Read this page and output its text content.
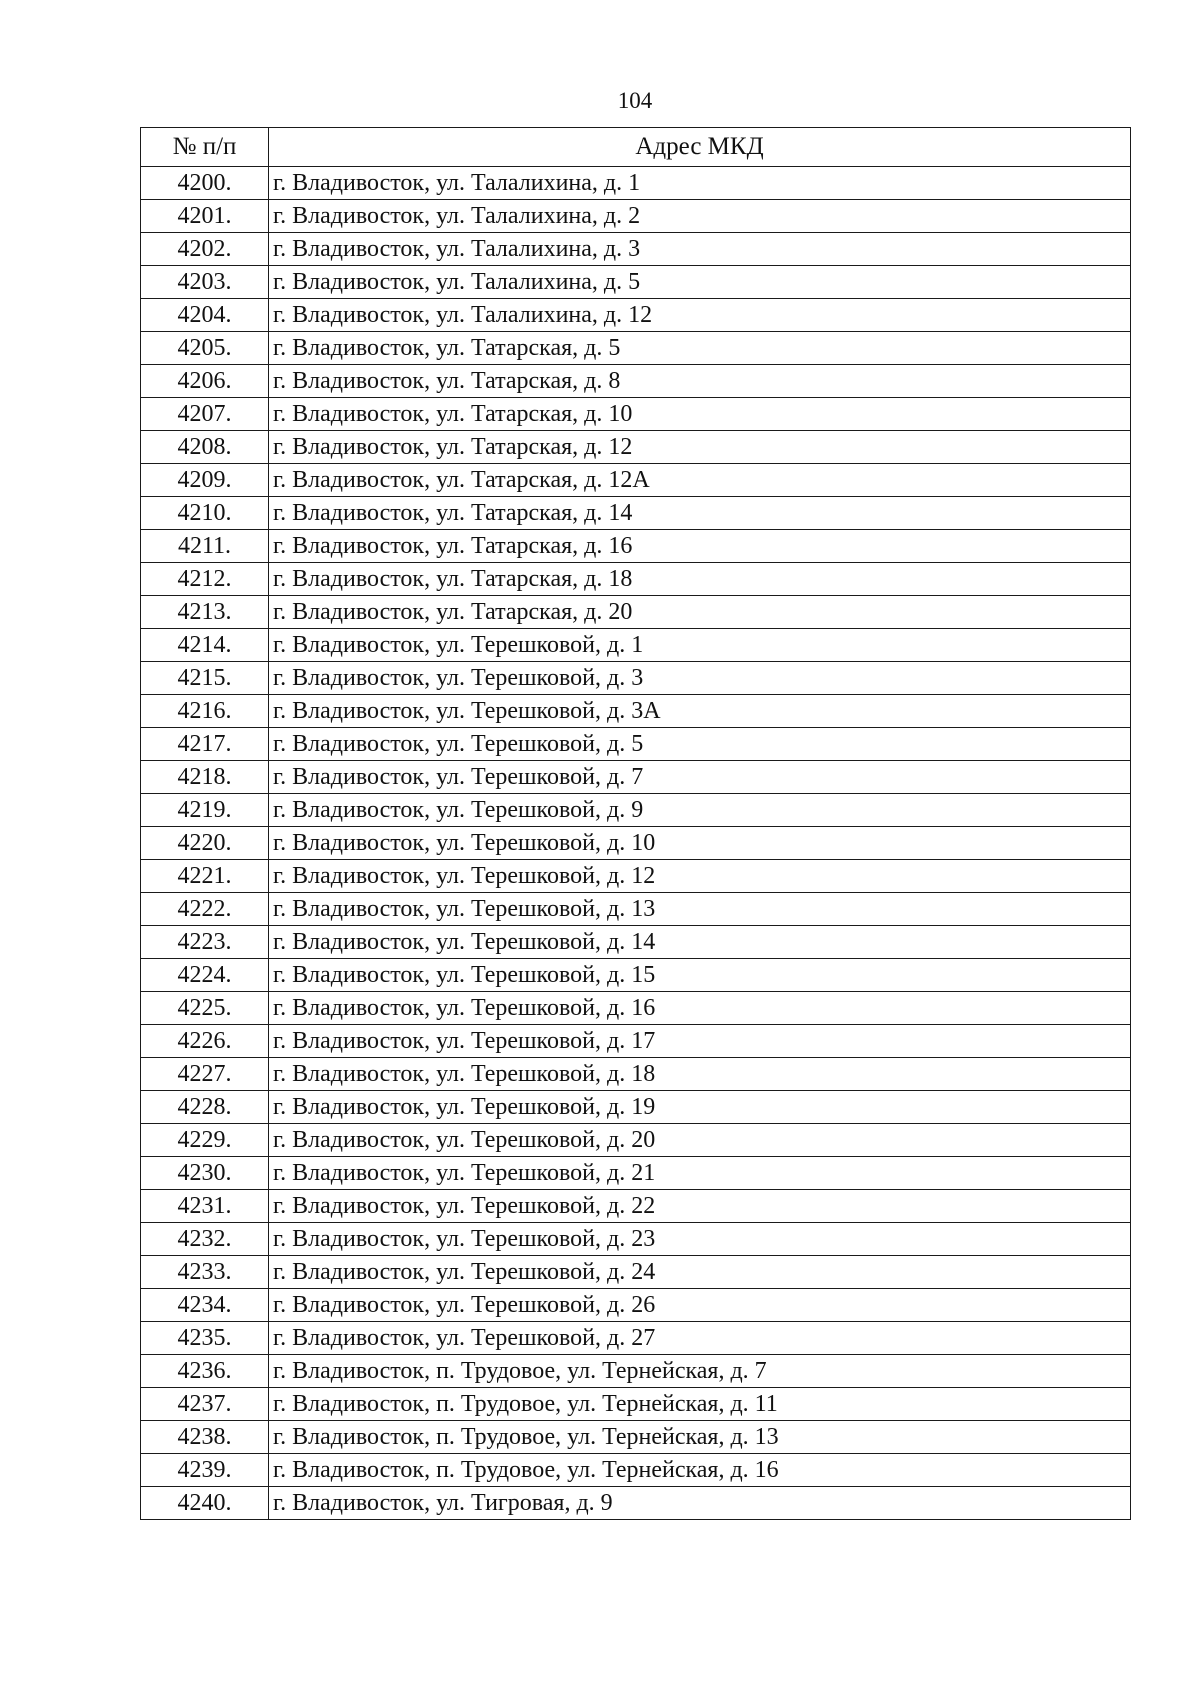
104
№ п/п	Адрес МКД
4200.	г. Владивосток, ул. Талалихина, д. 1
4201.	г. Владивосток, ул. Талалихина, д. 2
4202.	г. Владивосток, ул. Талалихина, д. 3
4203.	г. Владивосток, ул. Талалихина, д. 5
4204.	г. Владивосток, ул. Талалихина, д. 12
4205.	г. Владивосток, ул. Татарская, д. 5
4206.	г. Владивосток, ул. Татарская, д. 8
4207.	г. Владивосток, ул. Татарская, д. 10
4208.	г. Владивосток, ул. Татарская, д. 12
4209.	г. Владивосток, ул. Татарская, д. 12А
4210.	г. Владивосток, ул. Татарская, д. 14
4211.	г. Владивосток, ул. Татарская, д. 16
4212.	г. Владивосток, ул. Татарская, д. 18
4213.	г. Владивосток, ул. Татарская, д. 20
4214.	г. Владивосток, ул. Терешковой, д. 1
4215.	г. Владивосток, ул. Терешковой, д. 3
4216.	г. Владивосток, ул. Терешковой, д. 3А
4217.	г. Владивосток, ул. Терешковой, д. 5
4218.	г. Владивосток, ул. Терешковой, д. 7
4219.	г. Владивосток, ул. Терешковой, д. 9
4220.	г. Владивосток, ул. Терешковой, д. 10
4221.	г. Владивосток, ул. Терешковой, д. 12
4222.	г. Владивосток, ул. Терешковой, д. 13
4223.	г. Владивосток, ул. Терешковой, д. 14
4224.	г. Владивосток, ул. Терешковой, д. 15
4225.	г. Владивосток, ул. Терешковой, д. 16
4226.	г. Владивосток, ул. Терешковой, д. 17
4227.	г. Владивосток, ул. Терешковой, д. 18
4228.	г. Владивосток, ул. Терешковой, д. 19
4229.	г. Владивосток, ул. Терешковой, д. 20
4230.	г. Владивосток, ул. Терешковой, д. 21
4231.	г. Владивосток, ул. Терешковой, д. 22
4232.	г. Владивосток, ул. Терешковой, д. 23
4233.	г. Владивосток, ул. Терешковой, д. 24
4234.	г. Владивосток, ул. Терешковой, д. 26
4235.	г. Владивосток, ул. Терешковой, д. 27
4236.	г. Владивосток, п. Трудовое, ул. Тернейская, д. 7
4237.	г. Владивосток, п. Трудовое, ул. Тернейская, д. 11
4238.	г. Владивосток, п. Трудовое, ул. Тернейская, д. 13
4239.	г. Владивосток, п. Трудовое, ул. Тернейская, д. 16
4240.	г. Владивосток, ул. Тигровая, д. 9
